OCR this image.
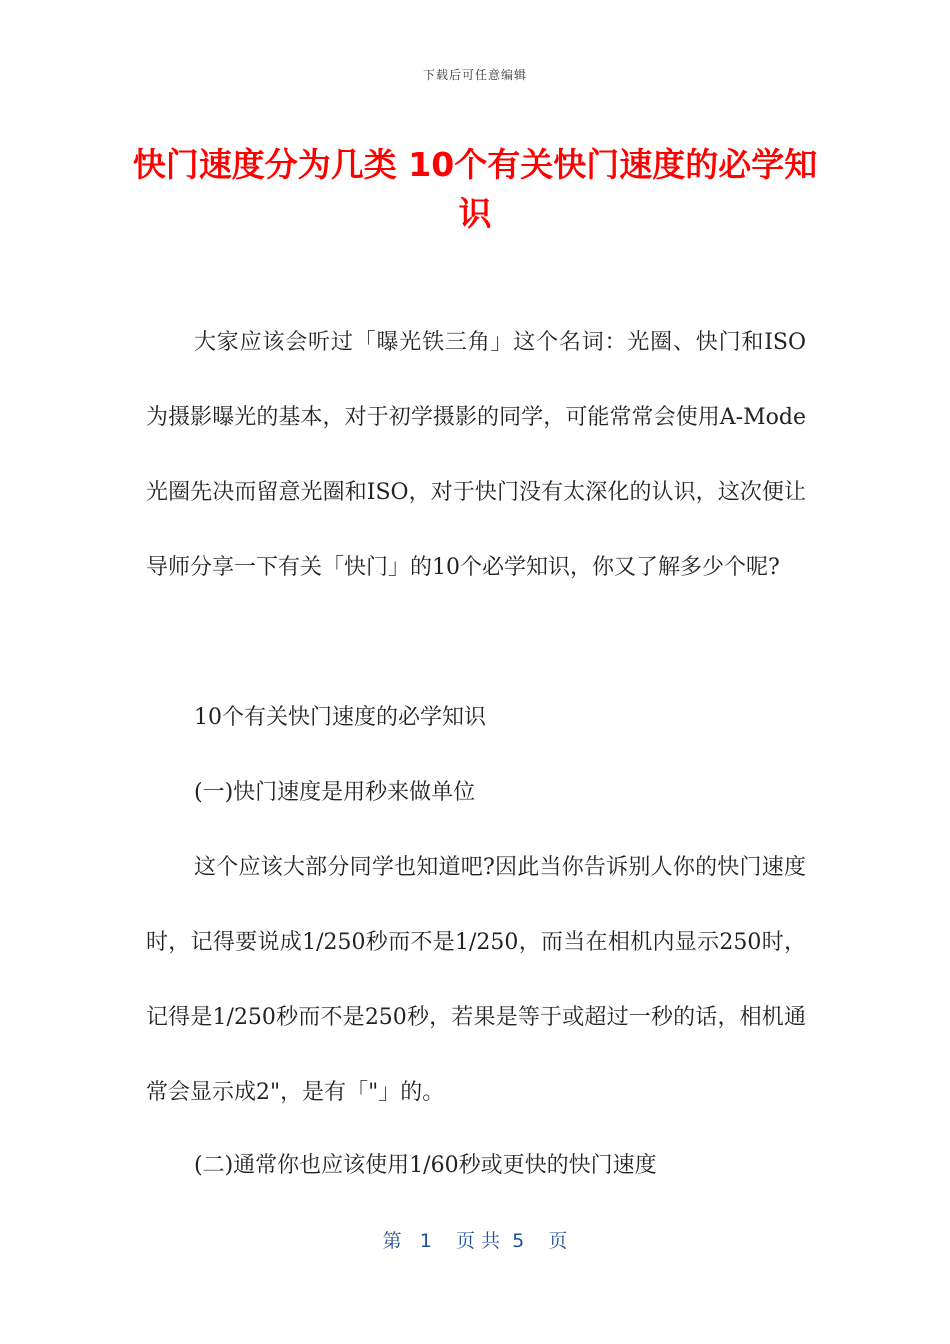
下载后可任意编辑
快门速度分为几类 10个有关快门速度的必学知识

大家应该会听过「曝光铁三角」这个名词：光圈、快门和ISO为摄影曝光的基本，对于初学摄影的同学，可能常常会使用A-Mode光圈先决而留意光圈和ISO，对于快门没有太深化的认识，这次便让导师分享一下有关「快门」的10个必学知识，你又了解多少个呢?

10个有关快门速度的必学知识

(一)快门速度是用秒来做单位

这个应该大部分同学也知道吧?因此当你告诉别人你的快门速度时，记得要说成1/250秒而不是1/250，而当在相机内显示250时，记得是1/250秒而不是250秒，若果是等于或超过一秒的话，相机通常会显示成2"，是有「"」的。

(二)通常你也应该使用1/60秒或更快的快门速度

第   1    页 共  5    页
